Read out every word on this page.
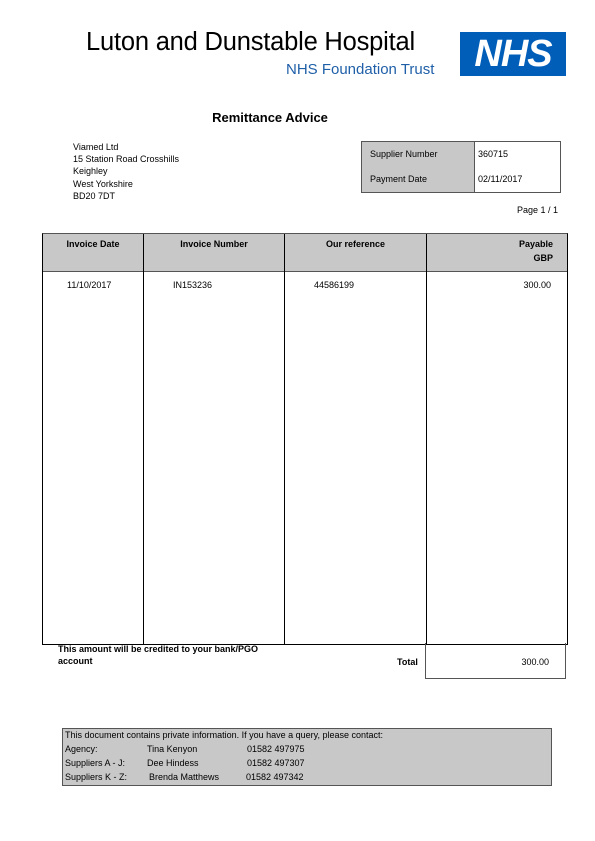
Luton and Dunstable Hospital
NHS Foundation Trust	NHS
Remittance Advice
Viamed Ltd
15 Station Road Crosshills
Keighley
West Yorkshire
BD20 7DT
Supplier Number	360715
Payment Date	02/11/2017
Page 1 / 1
Invoice Date	Invoice Number	Our reference	Payable
GBP
11/10/2017	IN153236	44586199	300.00
This amount will be credited to your bank/PGO account	Total	300.00
This document contains private information. If you have a query, please contact:
Agency:	Tina Kenyon	01582 497975
Suppliers A - J: Dee Hindess	01582 497307
Suppliers K - Z: Brenda Matthews	01582 497342
